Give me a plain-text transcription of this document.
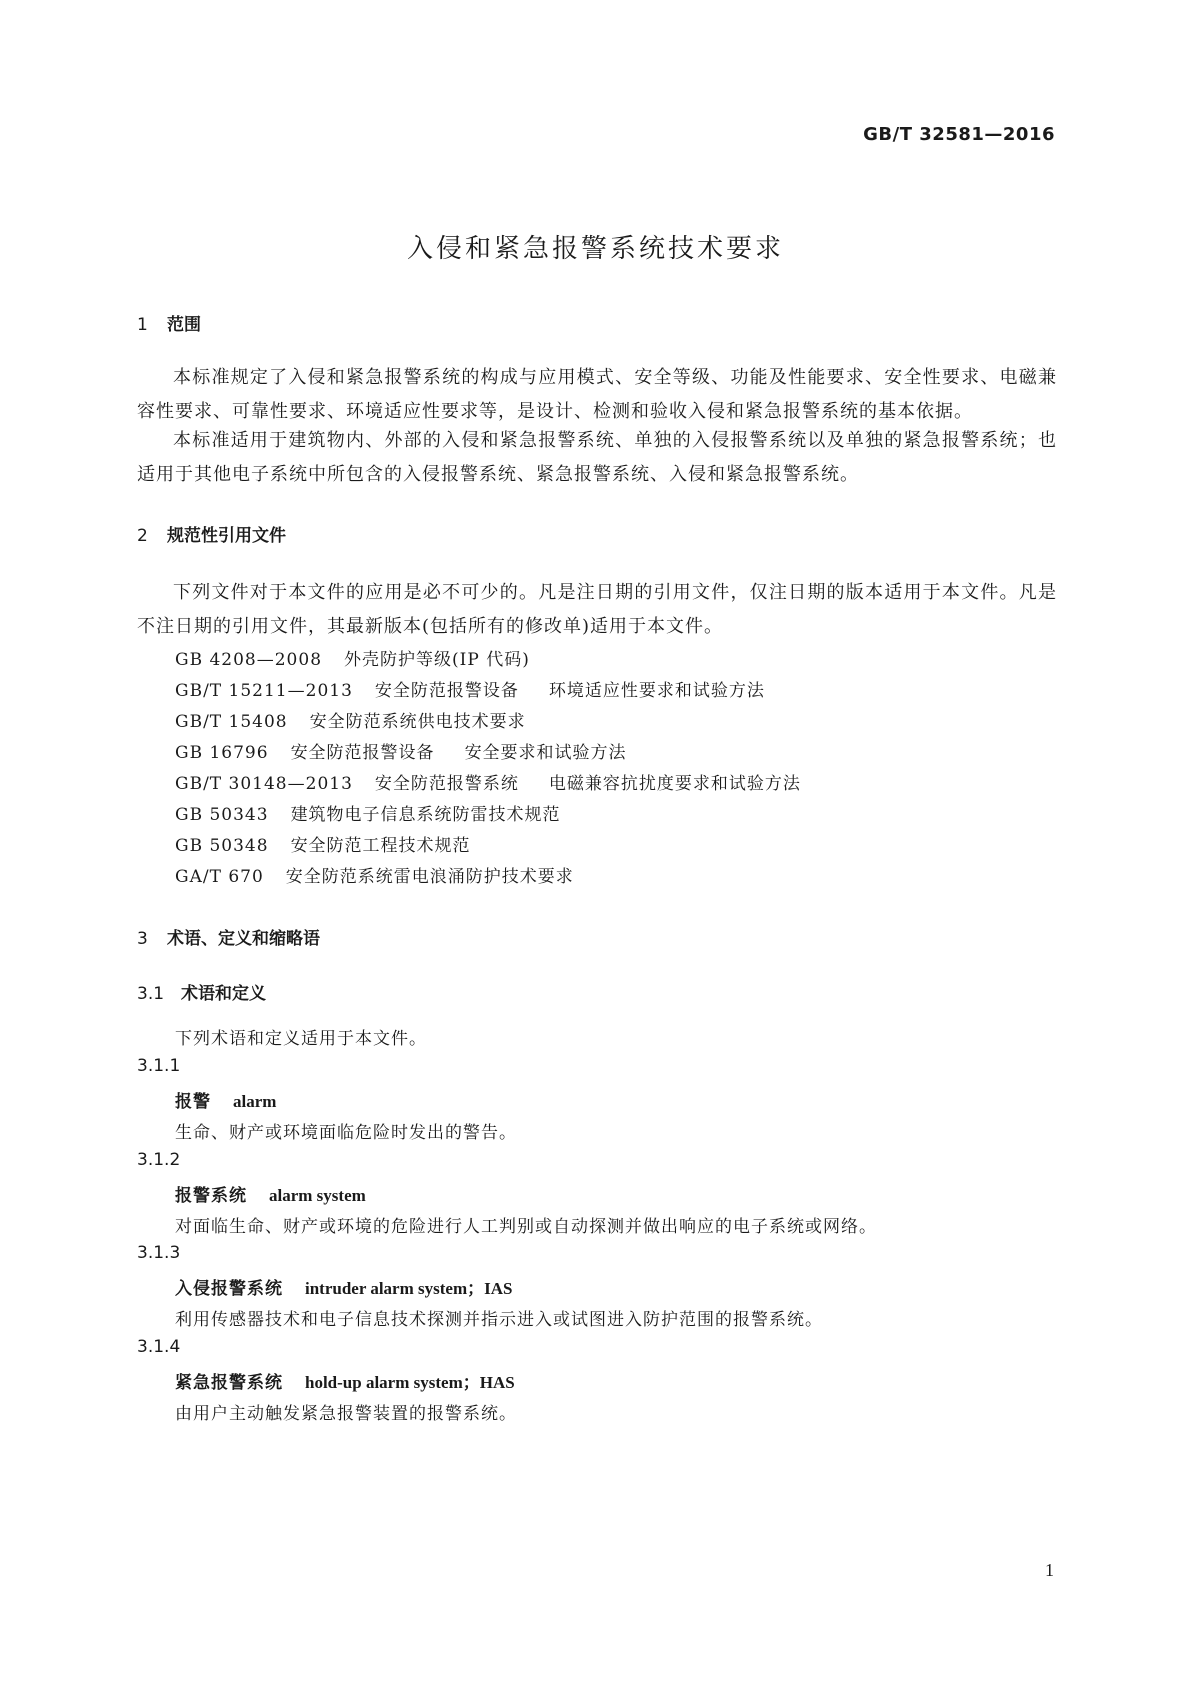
GB/T 32581—2016
入侵和紧急报警系统技术要求
1 范围
本标准规定了入侵和紧急报警系统的构成与应用模式、安全等级、功能及性能要求、安全性要求、电磁兼容性要求、可靠性要求、环境适应性要求等，是设计、检测和验收入侵和紧急报警系统的基本依据。
本标准适用于建筑物内、外部的入侵和紧急报警系统、单独的入侵报警系统以及单独的紧急报警系统；也适用于其他电子系统中所包含的入侵报警系统、紧急报警系统、入侵和紧急报警系统。
2 规范性引用文件
下列文件对于本文件的应用是必不可少的。凡是注日期的引用文件，仅注日期的版本适用于本文件。凡是不注日期的引用文件，其最新版本(包括所有的修改单)适用于本文件。
GB 4208—2008 外壳防护等级(IP 代码)
GB/T 15211—2013 安全防范报警设备 环境适应性要求和试验方法
GB/T 15408 安全防范系统供电技术要求
GB 16796 安全防范报警设备 安全要求和试验方法
GB/T 30148—2013 安全防范报警系统 电磁兼容抗扰度要求和试验方法
GB 50343 建筑物电子信息系统防雷技术规范
GB 50348 安全防范工程技术规范
GA/T 670 安全防范系统雷电浪涌防护技术要求
3 术语、定义和缩略语
3.1 术语和定义
下列术语和定义适用于本文件。
3.1.1
报警 alarm
生命、财产或环境面临危险时发出的警告。
3.1.2
报警系统 alarm system
对面临生命、财产或环境的危险进行人工判别或自动探测并做出响应的电子系统或网络。
3.1.3
入侵报警系统 intruder alarm system；IAS
利用传感器技术和电子信息技术探测并指示进入或试图进入防护范围的报警系统。
3.1.4
紧急报警系统 hold-up alarm system；HAS
由用户主动触发紧急报警装置的报警系统。
1
